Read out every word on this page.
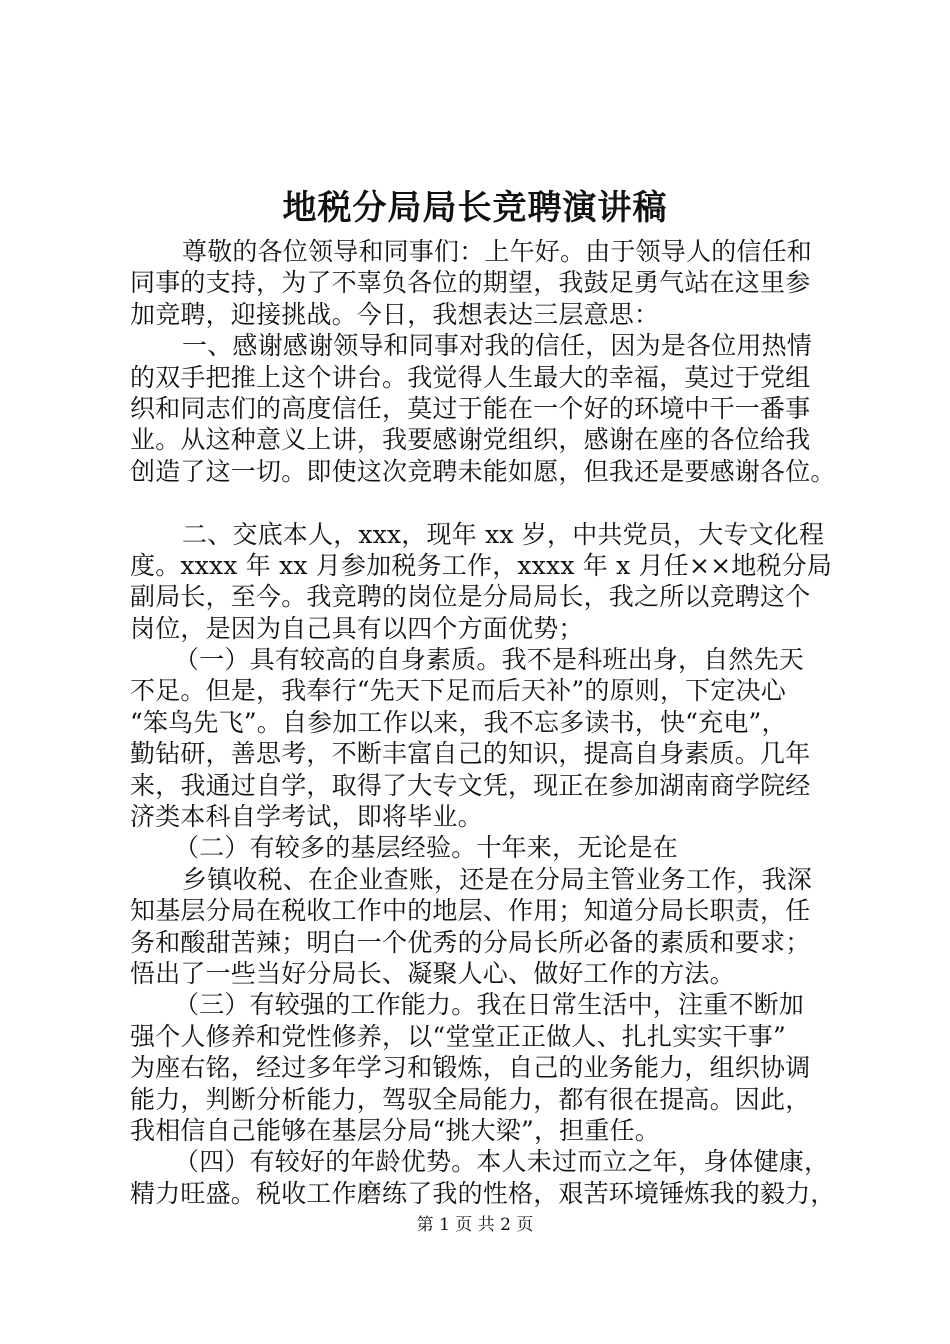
地税分局局长竞聘演讲稿
尊敬的各位领导和同事们：上午好。由于领导人的信任和
同事的支持，为了不辜负各位的期望，我鼓足勇气站在这里参
加竞聘，迎接挑战。今日，我想表达三层意思：
一、感谢感谢领导和同事对我的信任，因为是各位用热情
的双手把推上这个讲台。我觉得人生最大的幸福，莫过于党组
织和同志们的高度信任，莫过于能在一个好的环境中干一番事
业。从这种意义上讲，我要感谢党组织，感谢在座的各位给我
创造了这一切。即使这次竞聘未能如愿，但我还是要感谢各位。
二、交底本人，xxx，现年 xx 岁，中共党员，大专文化程
度。xxxx 年 xx 月参加税务工作，xxxx 年 x 月任××地税分局
副局长，至今。我竞聘的岗位是分局局长，我之所以竞聘这个
岗位，是因为自己具有以四个方面优势；
（一）具有较高的自身素质。我不是科班出身，自然先天
不足。但是，我奉行“先天下足而后天补”的原则，下定决心
“笨鸟先飞”。自参加工作以来，我不忘多读书，快“充电”，
勤钻研，善思考，不断丰富自己的知识，提高自身素质。几年
来，我通过自学，取得了大专文凭，现正在参加湖南商学院经
济类本科自学考试，即将毕业。
（二）有较多的基层经验。十年来，无论是在
乡镇收税、在企业查账，还是在分局主管业务工作，我深
知基层分局在税收工作中的地层、作用；知道分局长职责，任
务和酸甜苦辣；明白一个优秀的分局长所必备的素质和要求；
悟出了一些当好分局长、凝聚人心、做好工作的方法。
（三）有较强的工作能力。我在日常生活中，注重不断加
强个人修养和党性修养，以“堂堂正正做人、扎扎实实干事”
为座右铭，经过多年学习和锻炼，自己的业务能力，组织协调
能力，判断分析能力，驾驭全局能力，都有很在提高。因此，
我相信自己能够在基层分局“挑大梁”，担重任。
（四）有较好的年龄优势。本人未过而立之年，身体健康，
精力旺盛。税收工作磨练了我的性格，艰苦环境锤炼我的毅力，
第 1 页 共 2 页
